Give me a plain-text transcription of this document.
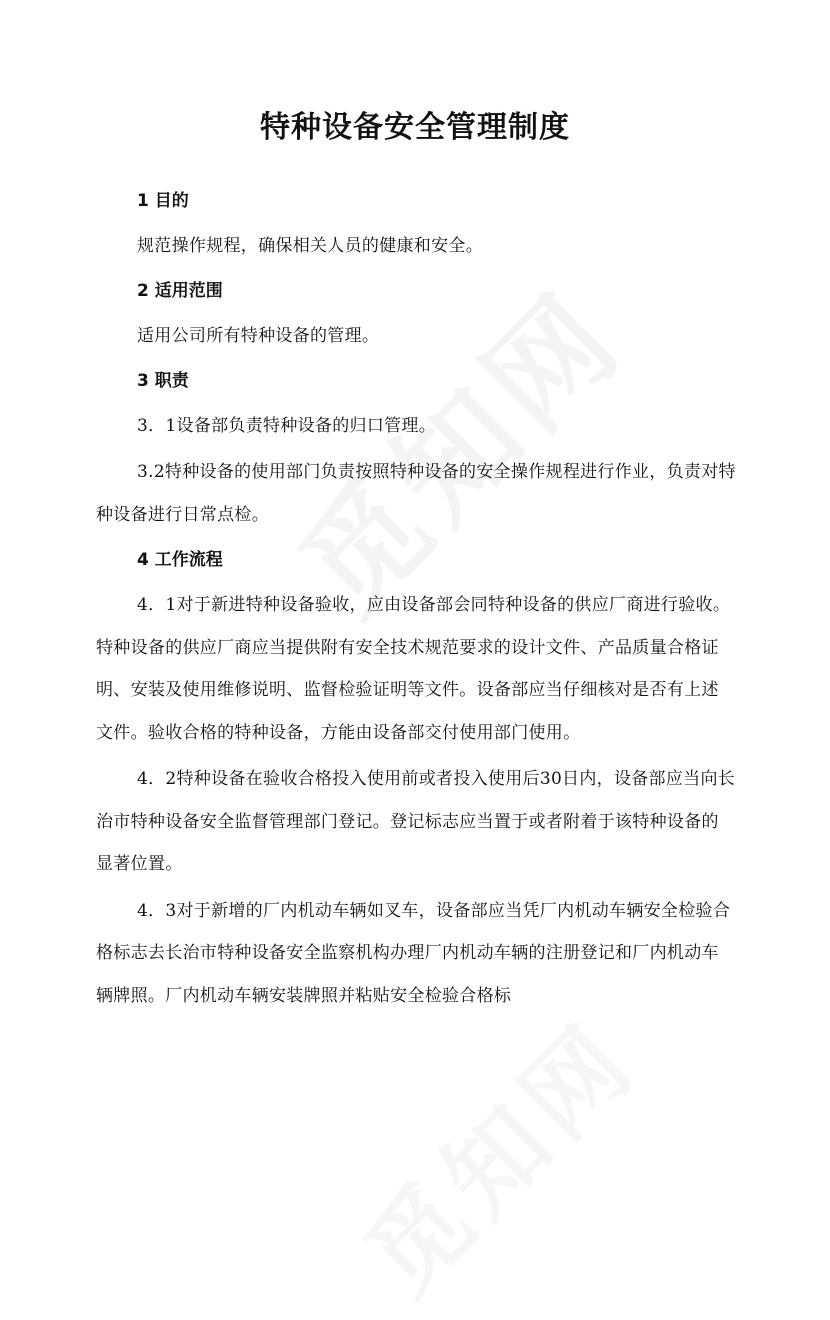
特种设备安全管理制度
1 目的

规范操作规程，确保相关人员的健康和安全。

2 适用范围

适用公司所有特种设备的管理。

3 职责

3．1设备部负责特种设备的归口管理。

3.2特种设备的使用部门负责按照特种设备的安全操作规程进行作业，负责对特种设备进行日常点检。

4 工作流程

4．1对于新进特种设备验收，应由设备部会同特种设备的供应厂商进行验收。特种设备的供应厂商应当提供附有安全技术规范要求的设计文件、产品质量合格证明、安装及使用维修说明、监督检验证明等文件。设备部应当仔细核对是否有上述文件。验收合格的特种设备，方能由设备部交付使用部门使用。

4．2特种设备在验收合格投入使用前或者投入使用后30日内，设备部应当向长治市特种设备安全监督管理部门登记。登记标志应当置于或者附着于该特种设备的显著位置。

4．3对于新增的厂内机动车辆如叉车，设备部应当凭厂内机动车辆安全检验合格标志去长治市特种设备安全监察机构办理厂内机动车辆的注册登记和厂内机动车辆牌照。厂内机动车辆安装牌照并粘贴安全检验合格标
